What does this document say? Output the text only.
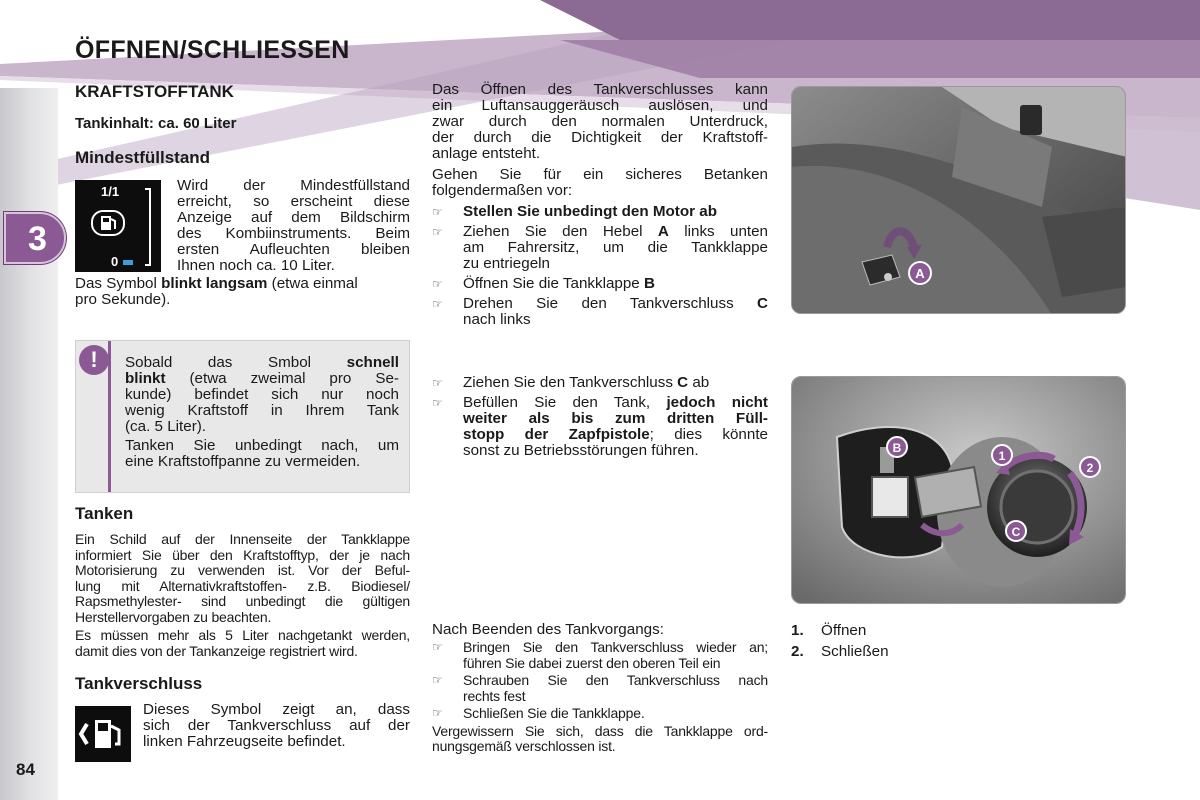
ÖFFNEN/SCHLIESSEN
3
84
KRAFTSTOFFTANK
Tankinhalt: ca. 60 Liter
Mindestfüllstand
1/1
0
Wird der Mindestfüllstand
erreicht, so erscheint diese
Anzeige auf dem Bildschirm
des Kombiinstruments. Beim
ersten Aufleuchten bleiben
Ihnen noch ca. 10 Liter.
Das Symbol blinkt langsam (etwa einmal
pro Sekunde).
!	Sobald das Smbol schnell
blinkt (etwa zweimal pro Se-
kunde) befindet sich nur noch
wenig Kraftstoff in Ihrem Tank
(ca. 5 Liter).
Tanken Sie unbedingt nach, um
eine Kraftstoffpanne zu vermeiden.
Tanken
Ein Schild auf der Innenseite der Tankklappe
informiert Sie über den Kraftstofftyp, der je nach
Motorisierung zu verwenden ist. Vor der Beful-
lung mit Alternativkraftstoffen- z.B. Biodiesel/
Rapsmethylester- sind unbedingt die gültigen
Herstellervorgaben zu beachten.
Es müssen mehr als 5 Liter nachgetankt werden,
damit dies von der Tankanzeige registriert wird.
Tankverschluss
Dieses Symbol zeigt an, dass
sich der Tankverschluss auf der
linken Fahrzeugseite befindet.
Das Öffnen des Tankverschlusses kann
ein Luftansauggeräusch auslösen, und
zwar durch den normalen Unterdruck,
der durch die Dichtigkeit der Kraftstoff-
anlage entsteht.
Gehen Sie für ein sicheres Betanken
folgendermaßen vor:
☞ Stellen Sie unbedingt den Motor ab
☞ Ziehen Sie den Hebel A links unten
am Fahrersitz, um die Tankklappe
zu entriegeln
☞ Öffnen Sie die Tankklappe B
☞ Drehen Sie den Tankverschluss C
nach links
☞ Ziehen Sie den Tankverschluss C ab
☞ Befüllen Sie den Tank, jedoch nicht
weiter als bis zum dritten Füll-
stopp der Zapfpistole; dies könnte
sonst zu Betriebsstörungen führen.
Nach Beenden des Tankvorgangs:
☞ Bringen Sie den Tankverschluss wieder an;
führen Sie dabei zuerst den oberen Teil ein
☞ Schrauben Sie den Tankverschluss nach
rechts fest
☞ Schließen Sie die Tankklappe.
Vergewissern Sie sich, dass die Tankklappe ord-
nungsgemäß verschlossen ist.
A
B
C
1
2
1. Öffnen
2. Schließen
